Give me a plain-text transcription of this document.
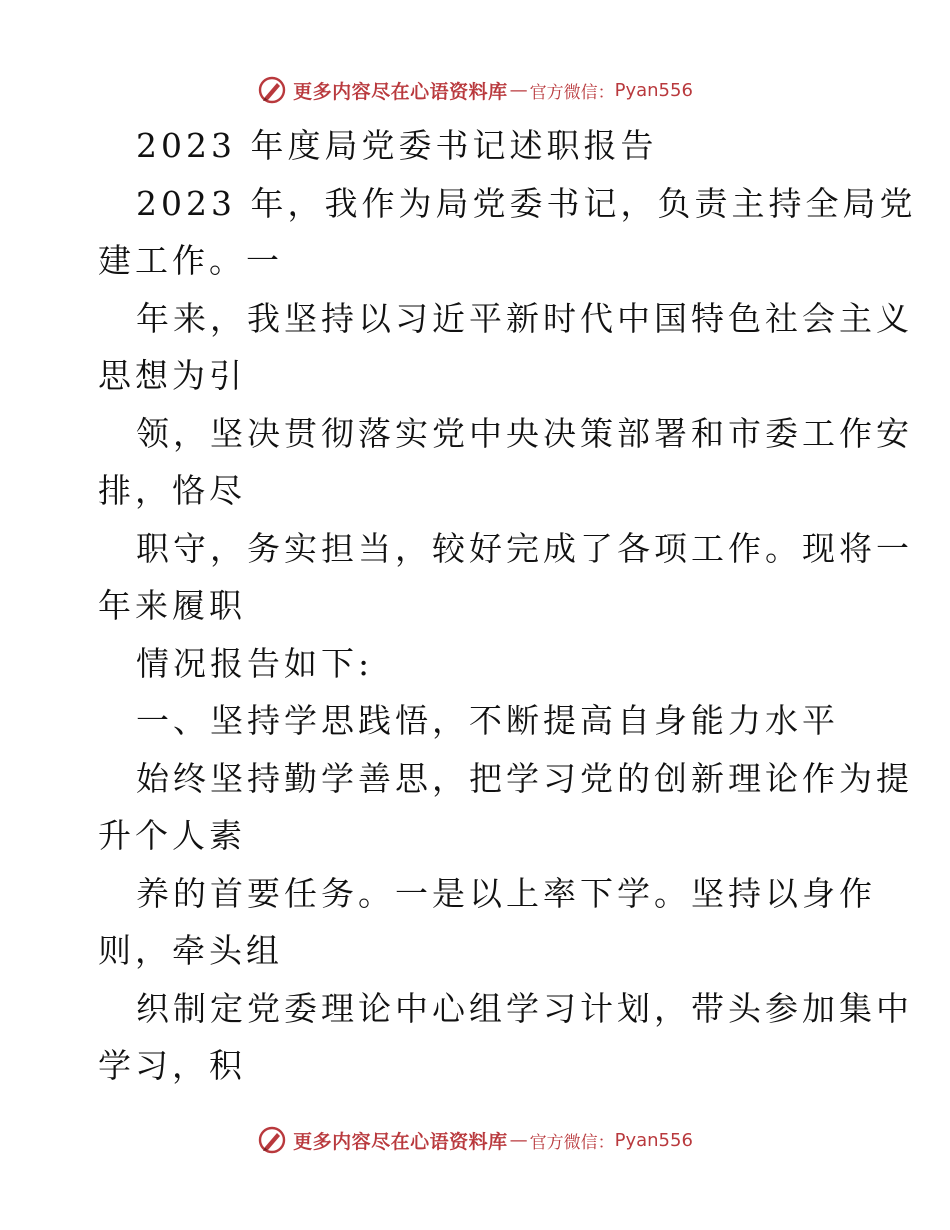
更多内容尽在心语资料库 — 官方微信： Pyan556
2023 年度局党委书记述职报告
2023 年，我作为局党委书记，负责主持全局党
建工作。一
年来，我坚持以习近平新时代中国特色社会主义
思想为引
领，坚决贯彻落实党中央决策部署和市委工作安
排，恪尽
职守，务实担当，较好完成了各项工作。现将一
年来履职
情况报告如下:
一、坚持学思践悟，不断提高自身能力水平
始终坚持勤学善思，把学习党的创新理论作为提
升个人素
养的首要任务。一是以上率下学。坚持以身作
则，牵头组
织制定党委理论中心组学习计划，带头参加集中
学习，积
更多内容尽在心语资料库 — 官方微信： Pyan556
